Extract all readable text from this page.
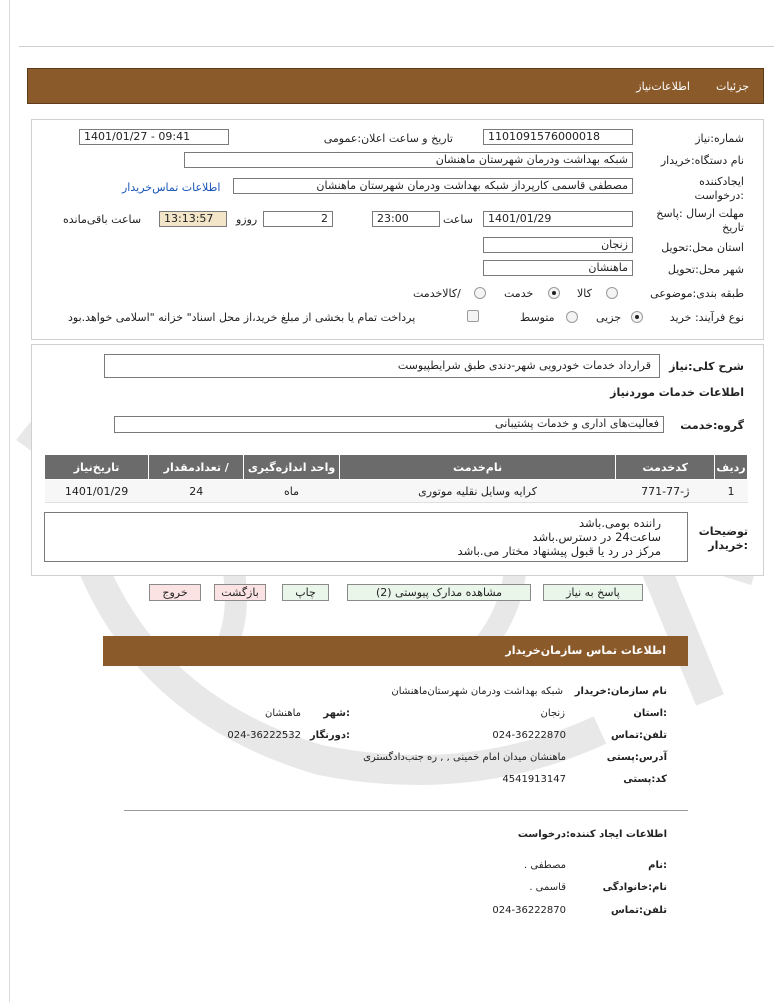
جزئیات
اطلاعات‌نیاز
شماره:نیاز
1101091576000018
تاریخ و ساعت اعلان:عمومی
1401/01/27 - 09:41
نام دستگاه:خریدار
شبکه بهداشت ودرمان شهرستان ماهنشان
ایجادکننده
:درخواست
مصطفی قاسمی کارپرداز شبکه بهداشت ودرمان شهرستان ماهنشان
اطلاعات تماس‌خریدار
مهلت ارسال :پاسخ
تاریخ
1401/01/29
ساعت
23:00
2
روزو
13:13:57
ساعت باقی‌مانده
استان محل:تحویل
زنجان
شهر محل:تحویل
ماهنشان
طبقه بندی:موضوعی
کالا
خدمت
/کالاخدمت
نوع فرآیند: خرید
جزیی
متوسط
پرداخت تمام یا بخشی از مبلغ خرید،از محل اسناد" خزانه "اسلامی خواهد.بود
شرح کلی:نیاز
قرارداد خدمات خودرویی شهر-دندی طبق شرایطپیوست
اطلاعات خدمات موردنیاز
گروه:خدمت
فعالیت‌های اداری و خدمات پشتیبانی
ردیف	کدخدمت	نام‌خدمت	واحد اندازه‌گیری	/ تعدادمقدار	تاریخ‌نیاز
1	ژ-77-771	کرایه وسایل نقلیه موتوری	ماه	24	1401/01/29
توضیحات
:خریدار
راننده بومی.باشد
ساعت24 در دسترس.باشد
مرکز در رد یا قبول پیشنهاد مختار می.باشد
پاسخ به نیاز
مشاهده مدارک پیوستی (2)
چاپ
بازگشت
خروج
اطلاعات تماس سازمان‌خریدار
نام سازمان:خریدار
شبکه بهداشت ودرمان شهرستان‌ماهنشان
:استان
زنجان
:شهر
ماهنشان
تلفن:تماس
024-36222870
:دورنگار
024-36222532
آدرس:پستی
ماهنشان میدان امام خمینی , , ره جنب‌دادگستری
کد:پستی
4541913147
اطلاعات ایجاد کننده:درخواست
:نام
مصطفی .
نام:خانوادگی
قاسمی .
تلفن:تماس
024-36222870
